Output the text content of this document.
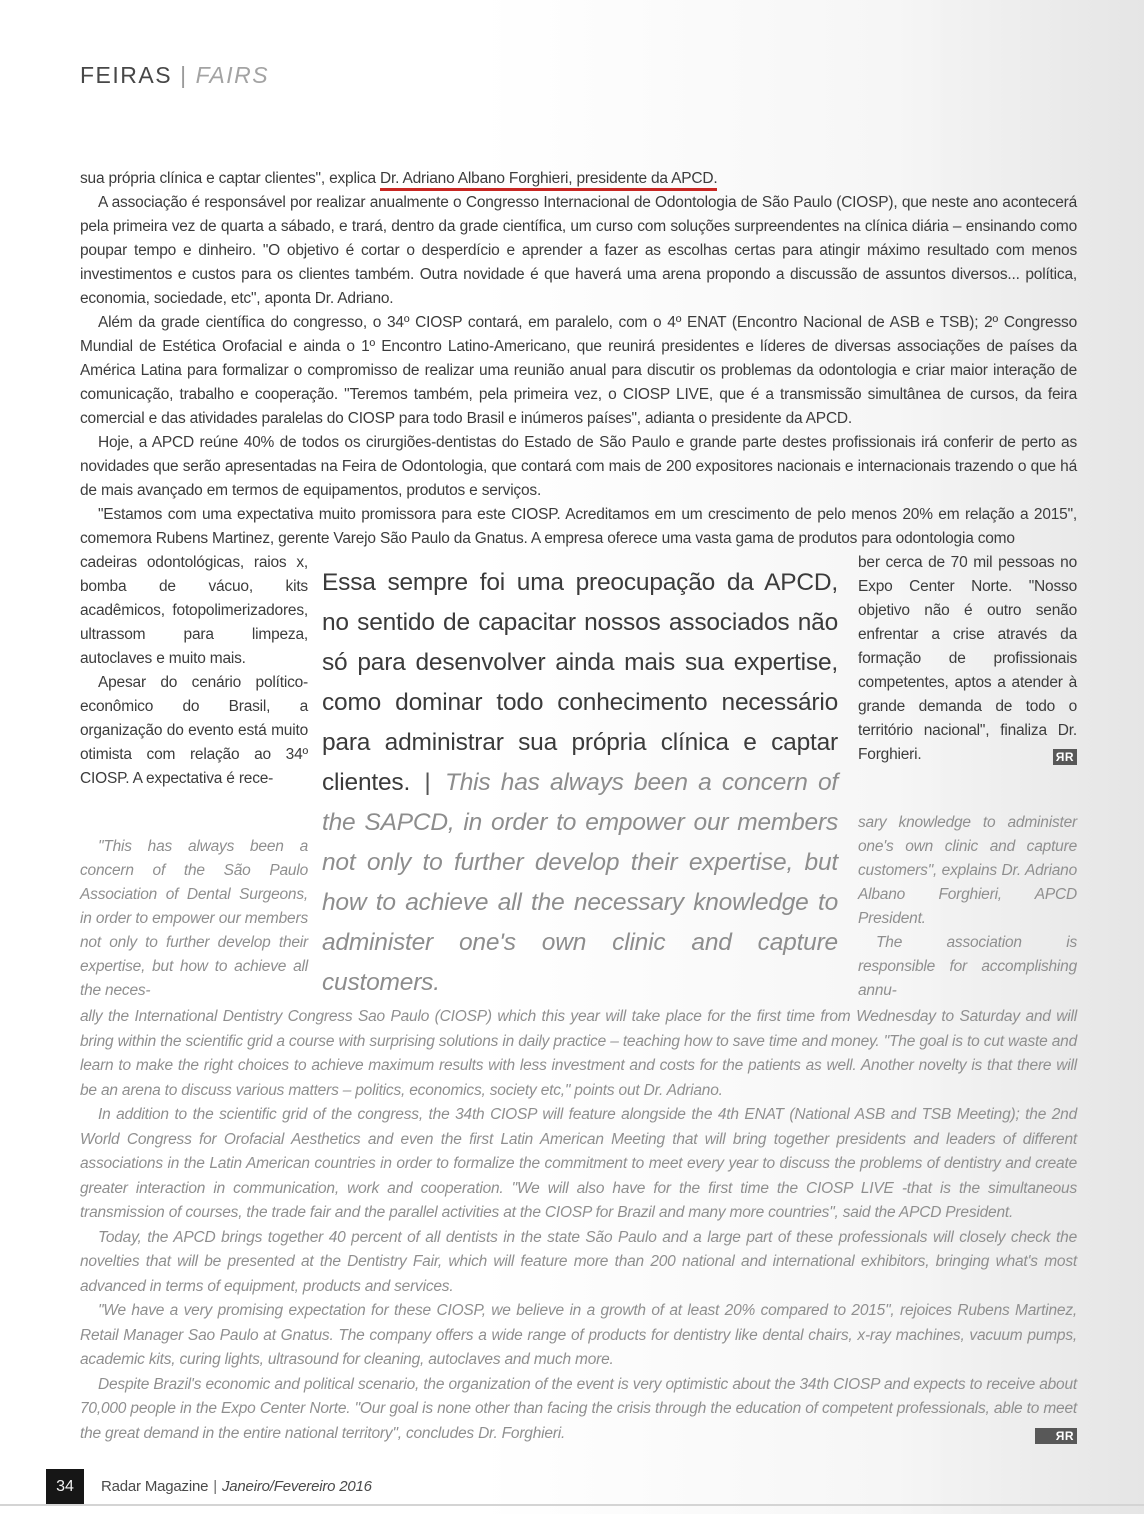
FEIRAS | FAIRS

sua própria clínica e captar clientes", explica Dr. Adriano Albano Forghieri, presidente da APCD.

A associação é responsável por realizar anualmente o Congresso Internacional de Odontologia de São Paulo (CIOSP), que neste ano acontecerá pela primeira vez de quarta a sábado, e trará, dentro da grade científica, um curso com soluções surpreendentes na clínica diária – ensinando como poupar tempo e dinheiro. "O objetivo é cortar o desperdício e aprender a fazer as escolhas certas para atingir máximo resultado com menos investimentos e custos para os clientes também. Outra novidade é que haverá uma arena propondo a discussão de assuntos diversos... política, economia, sociedade, etc", aponta Dr. Adriano.

Além da grade científica do congresso, o 34º CIOSP contará, em paralelo, com o 4º ENAT (Encontro Nacional de ASB e TSB); 2º Congresso Mundial de Estética Orofacial e ainda o 1º Encontro Latino-Americano, que reunirá presidentes e líderes de diversas associações de países da América Latina para formalizar o compromisso de realizar uma reunião anual para discutir os problemas da odontologia e criar maior interação de comunicação, trabalho e cooperação. "Teremos também, pela primeira vez, o CIOSP LIVE, que é a transmissão simultânea de cursos, da feira comercial e das atividades paralelas do CIOSP para todo Brasil e inúmeros países", adianta o presidente da APCD.

Hoje, a APCD reúne 40% de todos os cirurgiões-dentistas do Estado de São Paulo e grande parte destes profissionais irá conferir de perto as novidades que serão apresentadas na Feira de Odontologia, que contará com mais de 200 expositores nacionais e internacionais trazendo o que há de mais avançado em termos de equipamentos, produtos e serviços.

"Estamos com uma expectativa muito promissora para este CIOSP. Acreditamos em um crescimento de pelo menos 20% em relação a 2015", comemora Rubens Martinez, gerente Varejo São Paulo da Gnatus. A empresa oferece uma vasta gama de produtos para odontologia como

cadeiras odontológicas, raios x, bomba de vácuo, kits acadêmicos, fotopolimerizadores, ultrassom para limpeza, autoclaves e muito mais.

Apesar do cenário político-econômico do Brasil, a organização do evento está muito otimista com relação ao 34º CIOSP. A expectativa é rece-

"This has always been a concern of the São Paulo Association of Dental Surgeons, in order to empower our members not only to further develop their expertise, but how to achieve all the neces-

Essa sempre foi uma preocupação da APCD, no sentido de capacitar nossos associados não só para desenvolver ainda mais sua expertise, como dominar todo conhecimento necessário para administrar sua própria clínica e captar clientes. | This has always been a concern of the SAPCD, in order to empower our members not only to further develop their expertise, but how to achieve all the necessary knowledge to administer one's own clinic and capture customers.

ber cerca de 70 mil pessoas no Expo Center Norte. "Nosso objetivo não é outro senão enfrentar a crise através da formação de profissionais competentes, aptos a atender à grande demanda de todo o território nacional", finaliza Dr. Forghieri.	ЯR

sary knowledge to administer one's own clinic and capture customers", explains Dr. Adriano Albano Forghieri, APCD President.

The association is responsible for accomplishing annu-

ally the International Dentistry Congress Sao Paulo (CIOSP) which this year will take place for the first time from Wednesday to Saturday and will bring within the scientific grid a course with surprising solutions in daily practice – teaching how to save time and money. "The goal is to cut waste and learn to make the right choices to achieve maximum results with less investment and costs for the patients as well. Another novelty is that there will be an arena to discuss various matters – politics, economics, society etc," points out Dr. Adriano.

In addition to the scientific grid of the congress, the 34th CIOSP will feature alongside the 4th ENAT (National ASB and TSB Meeting); the 2nd World Congress for Orofacial Aesthetics and even the first Latin American Meeting that will bring together presidents and leaders of different associations in the Latin American countries in order to formalize the commitment to meet every year to discuss the problems of dentistry and create greater interaction in communication, work and cooperation. "We will also have for the first time the CIOSP LIVE -that is the simultaneous transmission of courses, the trade fair and the parallel activities at the CIOSP for Brazil and many more countries", said the APCD President.

Today, the APCD brings together 40 percent of all dentists in the state São Paulo and a large part of these professionals will closely check the novelties that will be presented at the Dentistry Fair, which will feature more than 200 national and international exhibitors, bringing what's most advanced in terms of equipment, products and services.

"We have a very promising expectation for these CIOSP, we believe in a growth of at least 20% compared to 2015", rejoices Rubens Martinez, Retail Manager Sao Paulo at Gnatus. The company offers a wide range of products for dentistry like dental chairs, x-ray machines, vacuum pumps, academic kits, curing lights, ultrasound for cleaning, autoclaves and much more.

Despite Brazil's economic and political scenario, the organization of the event is very optimistic about the 34th CIOSP and expects to receive about 70,000 people in the Expo Center Norte. "Our goal is none other than facing the crisis through the education of competent professionals, able to meet the great demand in the entire national territory", concludes Dr. Forghieri.	ЯR

34	Radar Magazine | Janeiro/Fevereiro 2016
